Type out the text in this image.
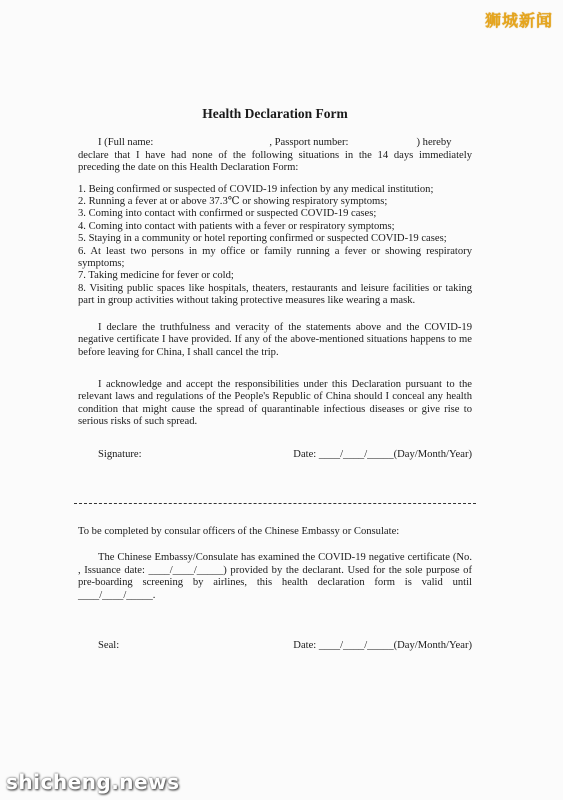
狮城新闻
Health Declaration Form
I (Full name:	, Passport number:	) hereby
declare that I have had none of the following situations in the 14 days immediately preceding the date on this Health Declaration Form:
1. Being confirmed or suspected of COVID-19 infection by any medical institution;
2. Running a fever at or above 37.3℃ or showing respiratory symptoms;
3. Coming into contact with confirmed or suspected COVID-19 cases;
4. Coming into contact with patients with a fever or respiratory symptoms;
5. Staying in a community or hotel reporting confirmed or suspected COVID-19 cases;
6. At least two persons in my office or family running a fever or showing respiratory symptoms;
7. Taking medicine for fever or cold;
8. Visiting public spaces like hospitals, theaters, restaurants and leisure facilities or taking part in group activities without taking protective measures like wearing a mask.

I declare the truthfulness and veracity of the statements above and the COVID-19 negative certificate I have provided. If any of the above-mentioned situations happens to me before leaving for China, I shall cancel the trip.

I acknowledge and accept the responsibilities under this Declaration pursuant to the relevant laws and regulations of the People's Republic of China should I conceal any health condition that might cause the spread of quarantinable infectious diseases or give rise to serious risks of such spread.

Signature:	Date: ____/____/_____(Day/Month/Year)
To be completed by consular officers of the Chinese Embassy or Consulate:

The Chinese Embassy/Consulate has examined the COVID-19 negative certificate (No. , Issuance date: ____/____/_____) provided by the declarant. Used for the sole purpose of pre-boarding screening by airlines, this health declaration form is valid until ____/____/_____.

Seal:	Date: ____/____/_____(Day/Month/Year)
shicheng.news
